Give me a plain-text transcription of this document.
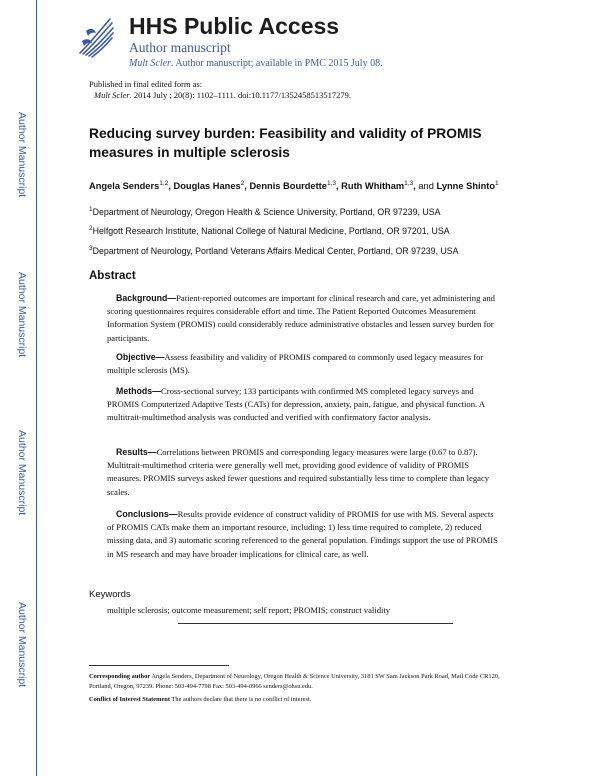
Author Manuscript
Author Manuscript
Author Manuscript
Author Manuscript
HHS Public Access
Author manuscript
Mult Scler. Author manuscript; available in PMC 2015 July 08.
Published in final edited form as:
Mult Scler. 2014 July ; 20(8): 1102–1111. doi:10.1177/1352458513517279.
Reducing survey burden: Feasibility and validity of PROMIS measures in multiple sclerosis
Angela Senders$^{1,2}$, Douglas Hanes$^2$, Dennis Bourdette$^{1,3}$, Ruth Whitham$^{1,3}$, and Lynne Shinto$^1$
$^1$Department of Neurology, Oregon Health & Science University, Portland, OR 97239, USA
$^2$Helfgott Research Institute, National College of Natural Medicine, Portland, OR 97201, USA
$^3$Department of Neurology, Portland Veterans Affairs Medical Center, Portland, OR 97239, USA
Abstract
Background—Patient-reported outcomes are important for clinical research and care, yet administering and scoring questionnaires requires considerable effort and time. The Patient Reported Outcomes Measurement Information System (PROMIS) could considerably reduce administrative obstacles and lessen survey burden for participants.
Objective—Assess feasibility and validity of PROMIS compared to commonly used legacy measures for multiple sclerosis (MS).
Methods—Cross-sectional survey; 133 participants with confirmed MS completed legacy surveys and PROMIS Computerized Adaptive Tests (CATs) for depression, anxiety, pain, fatigue, and physical function. A multitrait-multimethod analysis was conducted and verified with confirmatory factor analysis.
Results—Correlations between PROMIS and corresponding legacy measures were large (0.67 to 0.87). Multitrait-multimethod criteria were generally well met, providing good evidence of validity of PROMIS measures. PROMIS surveys asked fewer questions and required substantially less time to complete than legacy scales.
Conclusions—Results provide evidence of construct validity of PROMIS for use with MS. Several aspects of PROMIS CATs make them an important resource, including: 1) less time required to complete, 2) reduced missing data, and 3) automatic scoring referenced to the general population. Findings support the use of PROMIS in MS research and may have broader implications for clinical care, as well.
Keywords
multiple sclerosis; outcome measurement; self report; PROMIS; construct validity
Corresponding author Angela Senders, Department of Neurology, Oregon Health & Science University, 3181 SW Sam Jackson Park Road, Mail Code CR120, Portland, Oregon, 97239. Phone: 503-494-7798 Fax: 503-494-0966 senders@ohsu.edu.
Conflict of Interest Statement The authors declare that there is no conflict of interest.
